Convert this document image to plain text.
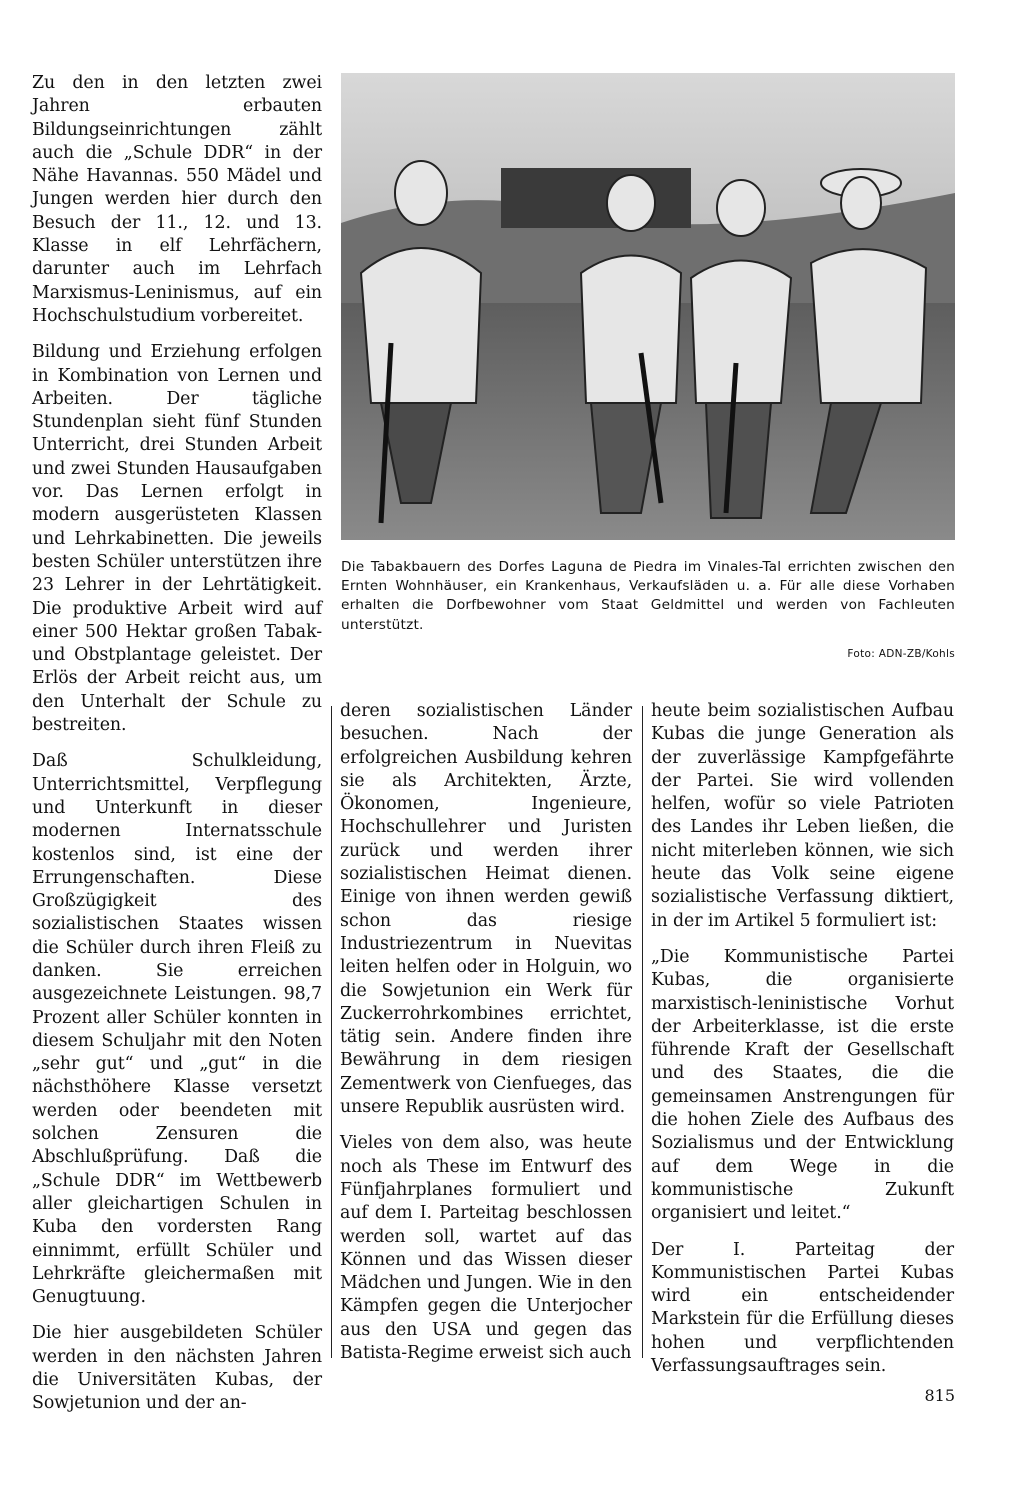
Zu den in den letzten zwei Jahren erbauten Bildungseinrichtungen zählt auch die „Schule DDR“ in der Nähe Havannas. 550 Mädel und Jungen werden hier durch den Besuch der 11., 12. und 13. Klasse in elf Lehrfächern, darunter auch im Lehrfach Marxismus-Leninismus, auf ein Hochschulstudium vorbereitet.

Bildung und Erziehung erfolgen in Kombination von Lernen und Arbeiten. Der tägliche Stundenplan sieht fünf Stunden Unterricht, drei Stunden Arbeit und zwei Stunden Hausaufgaben vor. Das Lernen erfolgt in modern ausgerüsteten Klassen und Lehrkabinetten. Die jeweils besten Schüler unterstützen ihre 23 Lehrer in der Lehrtätigkeit. Die produktive Arbeit wird auf einer 500 Hektar großen Tabak- und Obstplantage geleistet. Der Erlös der Arbeit reicht aus, um den Unterhalt der Schule zu bestreiten.

Daß Schulkleidung, Unterrichtsmittel, Verpflegung und Unterkunft in dieser modernen Internatsschule kostenlos sind, ist eine der Errungenschaften. Diese Großzügigkeit des sozialistischen Staates wissen die Schüler durch ihren Fleiß zu danken. Sie erreichen ausgezeichnete Leistungen. 98,7 Prozent aller Schüler konnten in diesem Schuljahr mit den Noten „sehr gut“ und „gut“ in die nächsthöhere Klasse versetzt werden oder beendeten mit solchen Zensuren die Abschlußprüfung. Daß die „Schule DDR“ im Wettbewerb aller gleichartigen Schulen in Kuba den vordersten Rang einnimmt, erfüllt Schüler und Lehrkräfte gleichermaßen mit Genugtuung.

Die hier ausgebildeten Schüler werden in den nächsten Jahren die Universitäten Kubas, der Sowjetunion und der an-

Die Tabakbauern des Dorfes Laguna de Piedra im Vinales-Tal errichten zwischen den Ernten Wohnhäuser, ein Krankenhaus, Verkaufsläden u. a. Für alle diese Vorhaben erhalten die Dorfbewohner vom Staat Geldmittel und werden von Fachleuten unterstützt.
Foto: ADN-ZB/Kohls

deren sozialistischen Länder besuchen. Nach der erfolgreichen Ausbildung kehren sie als Architekten, Ärzte, Ökonomen, Ingenieure, Hochschullehrer und Juristen zurück und werden ihrer sozialistischen Heimat dienen. Einige von ihnen werden gewiß schon das riesige Industriezentrum in Nuevitas leiten helfen oder in Holguin, wo die Sowjetunion ein Werk für Zuckerrohrkombines errichtet, tätig sein. Andere finden ihre Bewährung in dem riesigen Zementwerk von Cienfueges, das unsere Republik ausrüsten wird.

Vieles von dem also, was heute noch als These im Entwurf des Fünfjahrplanes formuliert und auf dem I. Parteitag beschlossen werden soll, wartet auf das Können und das Wissen dieser Mädchen und Jungen. Wie in den Kämpfen gegen die Unterjocher aus den USA und gegen das Batista-Regime erweist sich auch

heute beim sozialistischen Aufbau Kubas die junge Generation als der zuverlässige Kampfgefährte der Partei. Sie wird vollenden helfen, wofür so viele Patrioten des Landes ihr Leben ließen, die nicht miterleben können, wie sich heute das Volk seine eigene sozialistische Verfassung diktiert, in der im Artikel 5 formuliert ist:

„Die Kommunistische Partei Kubas, die organisierte marxistisch-leninistische Vorhut der Arbeiterklasse, ist die erste führende Kraft der Gesellschaft und des Staates, die die gemeinsamen Anstrengungen für die hohen Ziele des Aufbaus des Sozialismus und der Entwicklung auf dem Wege in die kommunistische Zukunft organisiert und leitet.“

Der I. Parteitag der Kommunistischen Partei Kubas wird ein entscheidender Markstein für die Erfüllung dieses hohen und verpflichtenden Verfassungsauftrages sein.

815
